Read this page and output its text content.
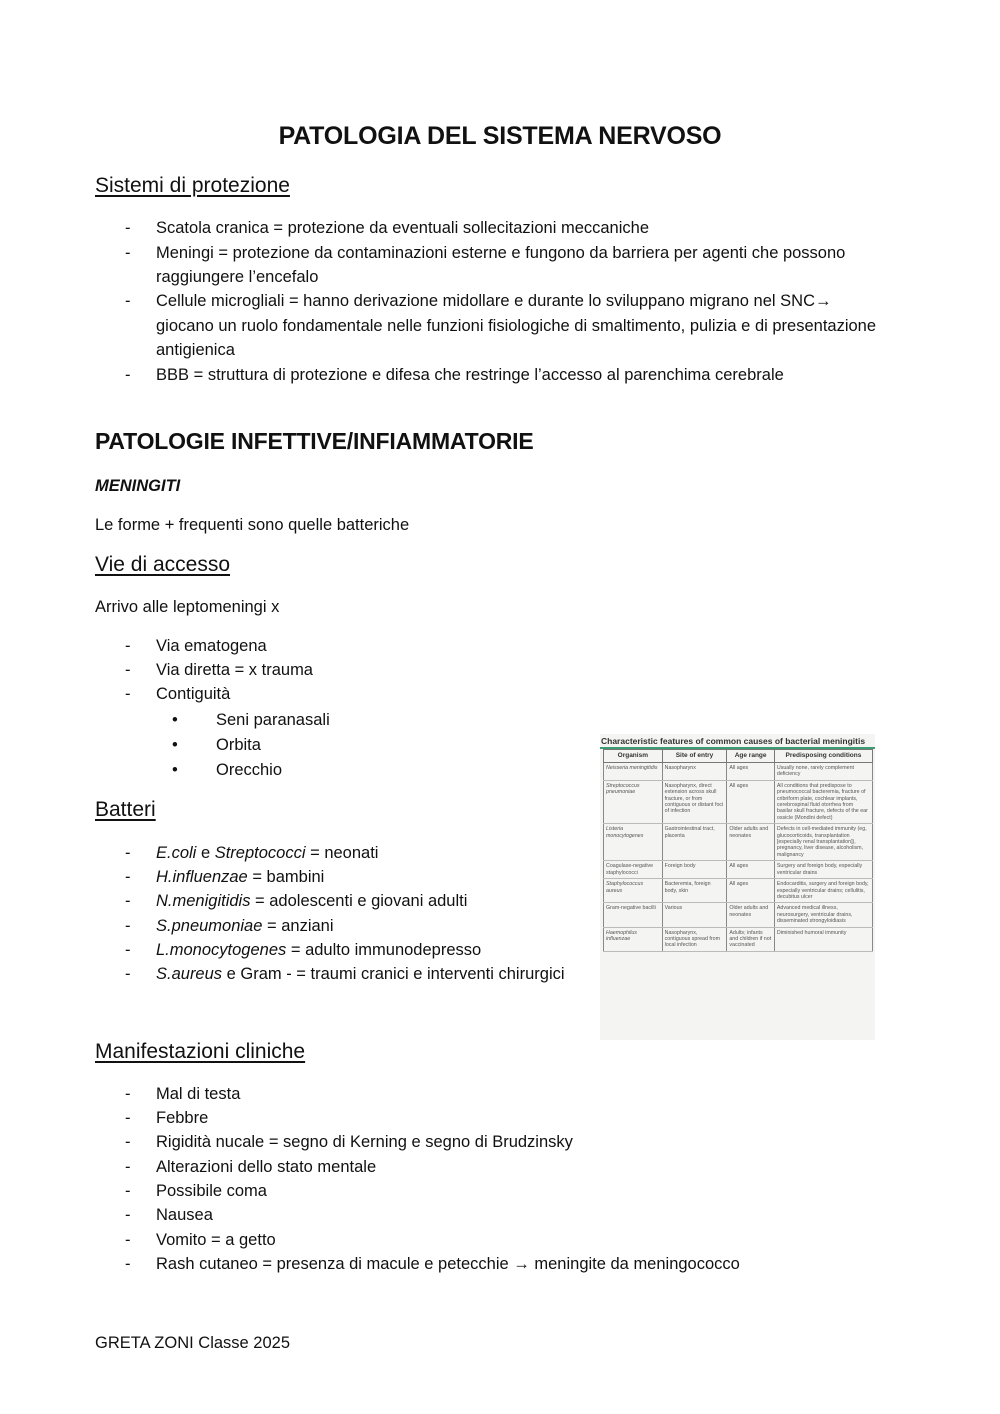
PATOLOGIA DEL SISTEMA NERVOSO
Sistemi di protezione
- Scatola cranica = protezione da eventuali sollecitazioni meccaniche
- Meningi = protezione da contaminazioni esterne e fungono da barriera per agenti che possono
raggiungere l’encefalo
- Cellule microgliali = hanno derivazione midollare e durante lo sviluppano migrano nel SNC→
giocano un ruolo fondamentale nelle funzioni fisiologiche di smaltimento, pulizia e di presentazione
antigienica
- BBB = struttura di protezione e difesa che restringe l’accesso al parenchima cerebrale
PATOLOGIE INFETTIVE/INFIAMMATORIE
MENINGITI
Le forme + frequenti sono quelle batteriche
Vie di accesso
Arrivo alle leptomeningi x
- Via ematogena
- Via diretta = x trauma
- Contiguità
• Seni paranasali
• Orbita
• Orecchio
Batteri
- E.coli e Streptococci = neonati
- H.influenzae = bambini
- N.menigitidis = adolescenti e giovani adulti
- S.pneumoniae = anziani
- L.monocytogenes = adulto immunodepresso
- S.aureus e Gram - = traumi cranici e interventi chirurgici
Characteristic features of common causes of bacterial meningitis
Organism	Site of entry	Age range	Predisposing conditions
Neisseria meningitidis	Nasopharynx	All ages	Usually none, rarely complement deficiency
Streptococcus pneumoniae	Nasopharynx, direct extension across skull fracture, or from contiguous or distant foci of infection	All ages	All conditions that predispose to pneumococcal bacteremia, fracture of cribriform plate, cochlear implants, cerebrospinal fluid otorrhea from basilar skull fracture, defects of the ear ossicle (Mondini defect)
Listeria monocytogenes	Gastrointestinal tract, placenta	Older adults and neonates	Defects in cell-mediated immunity (eg, glucocorticoids, transplantation [especially renal transplantation]), pregnancy, liver disease, alcoholism, malignancy
Coagulase-negative staphylococci	Foreign body	All ages	Surgery and foreign body, especially ventricular drains
Staphylococcus aureus	Bacteremia, foreign body, skin	All ages	Endocarditis, surgery and foreign body, especially ventricular drains; cellulitis, decubitus ulcer
Gram-negative bacilli	Various	Older adults and neonates	Advanced medical illness, neurosurgery, ventricular drains, disseminated strongyloidiasis
Haemophilus influenzae	Nasopharynx, contiguous spread from local infection	Adults; infants and children if not vaccinated	Diminished humoral immunity
Manifestazioni cliniche
- Mal di testa
- Febbre
- Rigidità nucale = segno di Kerning e segno di Brudzinsky
- Alterazioni dello stato mentale
- Possibile coma
- Nausea
- Vomito = a getto
- Rash cutaneo = presenza di macule e petecchie → meningite da meningococco
GRETA ZONI Classe 2025
